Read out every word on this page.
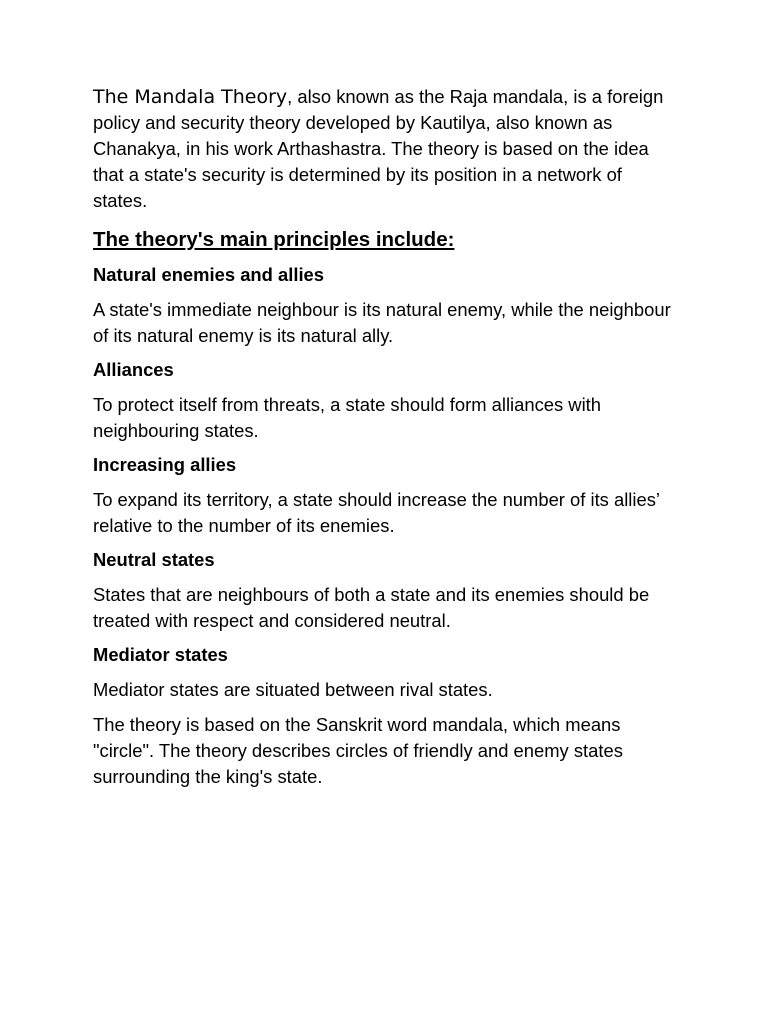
The Mandala Theory, also known as the Raja mandala, is a foreign policy and security theory developed by Kautilya, also known as Chanakya, in his work Arthashastra. The theory is based on the idea that a state's security is determined by its position in a network of states.

The theory's main principles include:

Natural enemies and allies

A state's immediate neighbour is its natural enemy, while the neighbour of its natural enemy is its natural ally.

Alliances

To protect itself from threats, a state should form alliances with neighbouring states.

Increasing allies

To expand its territory, a state should increase the number of its allies’ relative to the number of its enemies.

Neutral states

States that are neighbours of both a state and its enemies should be treated with respect and considered neutral.

Mediator states

Mediator states are situated between rival states.

The theory is based on the Sanskrit word mandala, which means "circle". The theory describes circles of friendly and enemy states surrounding the king's state.
